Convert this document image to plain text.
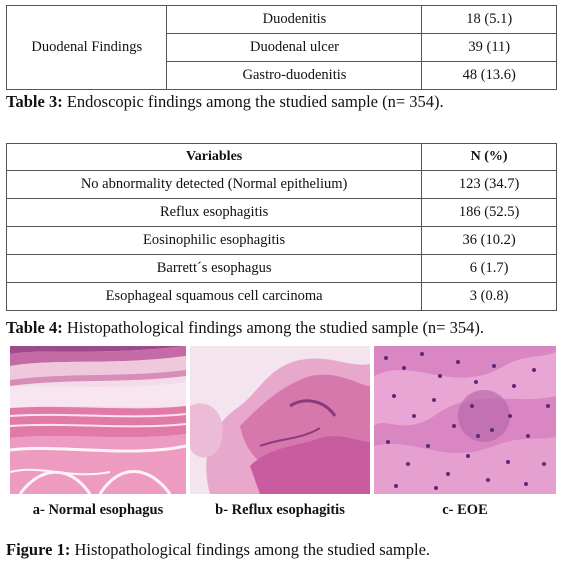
Duodenal Findings	Duodenitis	18 (5.1)
	Duodenal ulcer	39 (11)
	Gastro-duodenitis	48 (13.6)
Table 3: Endoscopic findings among the studied sample (n= 354).
Variables	N (%)
No abnormality detected (Normal epithelium)	123 (34.7)
Reflux esophagitis	186 (52.5)
Eosinophilic esophagitis	36 (10.2)
Barrett´s esophagus	6 (1.7)
Esophageal squamous cell carcinoma	3 (0.8)
Table 4: Histopathological findings among the studied sample (n= 354).
a- Normal esophagus	b- Reflux esophagitis	c- EOE
Figure 1: Histopathological findings among the studied sample.
